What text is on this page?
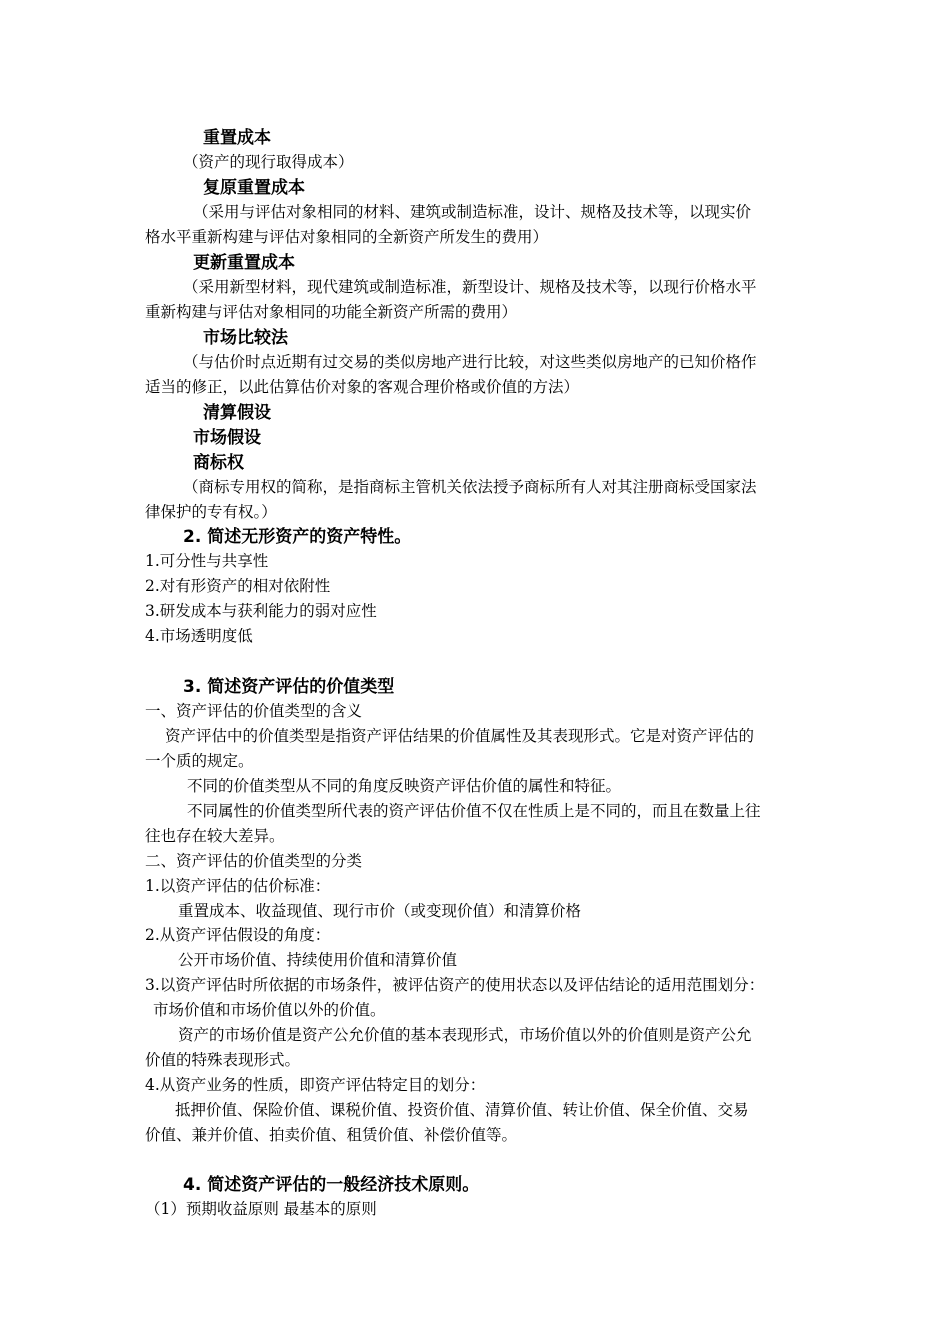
重置成本
（资产的现行取得成本）
复原重置成本
（采用与评估对象相同的材料、建筑或制造标准，设计、规格及技术等，以现实价
格水平重新构建与评估对象相同的全新资产所发生的费用）
更新重置成本
（采用新型材料，现代建筑或制造标准，新型设计、规格及技术等，以现行价格水平
重新构建与评估对象相同的功能全新资产所需的费用）
市场比较法
（与估价时点近期有过交易的类似房地产进行比较，对这些类似房地产的已知价格作
适当的修正，以此估算估价对象的客观合理价格或价值的方法）
清算假设
市场假设
商标权
（商标专用权的简称，是指商标主管机关依法授予商标所有人对其注册商标受国家法
律保护的专有权。）
2. 简述无形资产的资产特性。
1.可分性与共享性
2.对有形资产的相对依附性
3.研发成本与获利能力的弱对应性
4.市场透明度低
3. 简述资产评估的价值类型
一、资产评估的价值类型的含义
资产评估中的价值类型是指资产评估结果的价值属性及其表现形式。它是对资产评估的
一个质的规定。
不同的价值类型从不同的角度反映资产评估价值的属性和特征。
不同属性的价值类型所代表的资产评估价值不仅在性质上是不同的，而且在数量上往
往也存在较大差异。
二、资产评估的价值类型的分类
1.以资产评估的估价标准：
重置成本、收益现值、现行市价（或变现价值）和清算价格
2.从资产评估假设的角度：
公开市场价值、持续使用价值和清算价值
3.以资产评估时所依据的市场条件，被评估资产的使用状态以及评估结论的适用范围划分：
市场价值和市场价值以外的价值。
资产的市场价值是资产公允价值的基本表现形式，市场价值以外的价值则是资产公允
价值的特殊表现形式。
4.从资产业务的性质，即资产评估特定目的划分：
抵押价值、保险价值、课税价值、投资价值、清算价值、转让价值、保全价值、交易
价值、兼并价值、拍卖价值、租赁价值、补偿价值等。
4. 简述资产评估的一般经济技术原则。
（1）预期收益原则 最基本的原则
